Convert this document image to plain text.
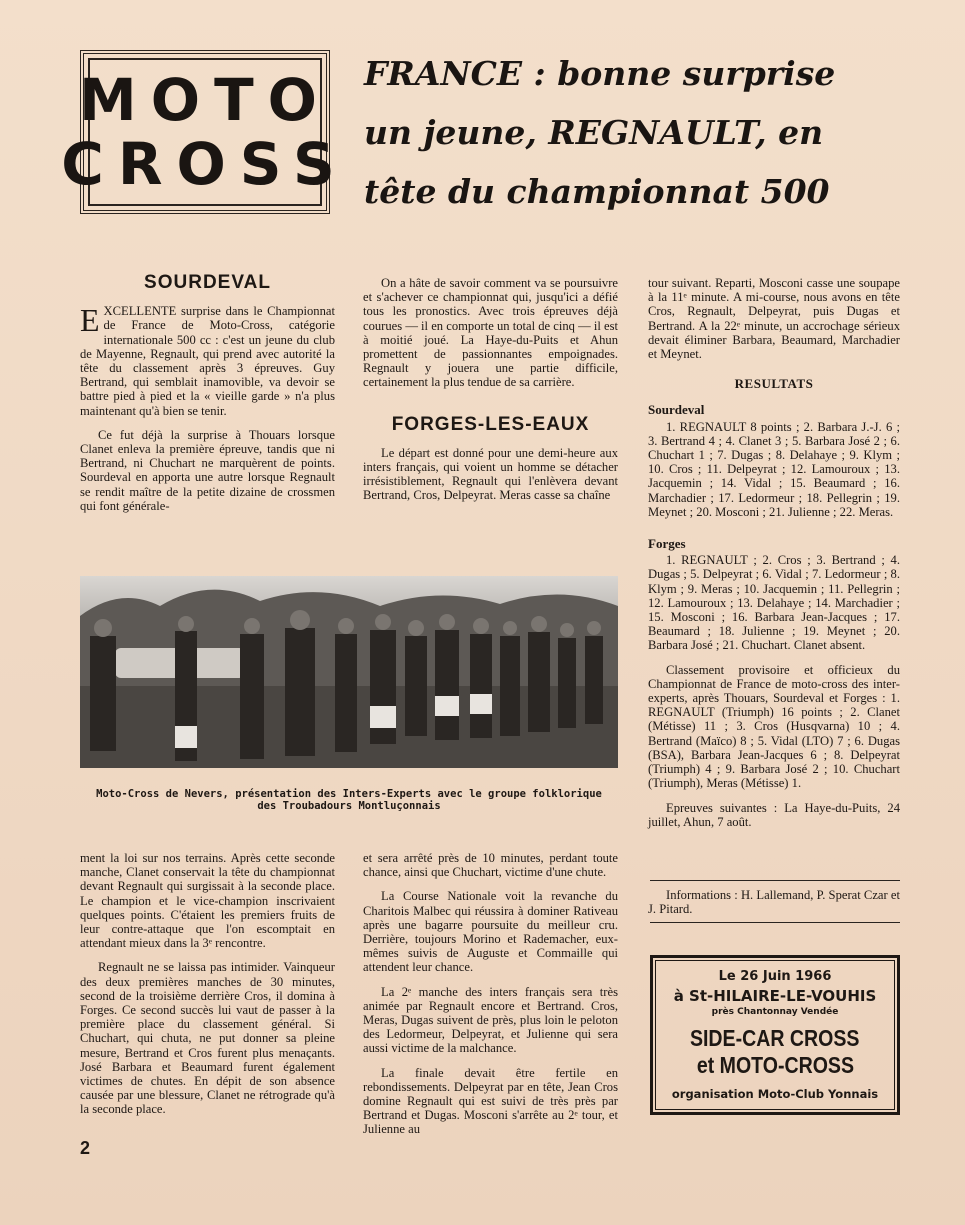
MOTO
CROSS
FRANCE : bonne surprise
un jeune, REGNAULT, en
tête du championnat 500
SOURDEVAL

EXCELLENTE surprise dans le Championnat de France de Moto-Cross, catégorie internationale 500 cc : c'est un jeune du club de Mayenne, Regnault, qui prend avec autorité la tête du classement après 3 épreuves. Guy Bertrand, qui semblait inamovible, va devoir se battre pied à pied et la « vieille garde » n'a plus maintenant qu'à bien se tenir.

Ce fut déjà la surprise à Thouars lorsque Clanet enleva la première épreuve, tandis que ni Bertrand, ni Chuchart ne marquèrent de points. Sourdeval en apporta une autre lorsque Regnault se rendit maître de la petite dizaine de crossmen qui font générale-

On a hâte de savoir comment va se poursuivre et s'achever ce championnat qui, jusqu'ici a défié tous les pronostics. Avec trois épreuves déjà courues — il en comporte un total de cinq — il est à moitié joué. La Haye-du-Puits et Ahun promettent de passionnantes empoignades. Regnault y jouera une partie difficile, certainement la plus tendue de sa carrière.

FORGES-LES-EAUX

Le départ est donné pour une demi-heure aux inters français, qui voient un homme se détacher irrésistiblement, Regnault qui l'enlèvera devant Bertrand, Cros, Delpeyrat. Meras casse sa chaîne

tour suivant. Reparti, Mosconi casse une soupape à la 11ᵉ minute. A mi-course, nous avons en tête Cros, Regnault, Delpeyrat, puis Dugas et Bertrand. A la 22ᵉ minute, un accrochage sérieux devait éliminer Barbara, Beaumard, Marchadier et Meynet.

RESULTATS
Sourdeval

1. REGNAULT 8 points ; 2. Barbara J.-J. 6 ; 3. Bertrand 4 ; 4. Clanet 3 ; 5. Barbara José 2 ; 6. Chuchart 1 ; 7. Dugas ; 8. Delahaye ; 9. Klym ; 10. Cros ; 11. Delpeyrat ; 12. Lamouroux ; 13. Jacquemin ; 14. Vidal ; 15. Beaumard ; 16. Marchadier ; 17. Ledormeur ; 18. Pellegrin ; 19. Meynet ; 20. Mosconi ; 21. Julienne ; 22. Meras.

Forges

1. REGNAULT ; 2. Cros ; 3. Bertrand ; 4. Dugas ; 5. Delpeyrat ; 6. Vidal ; 7. Ledormeur ; 8. Klym ; 9. Meras ; 10. Jacquemin ; 11. Pellegrin ; 12. Lamouroux ; 13. Delahaye ; 14. Marchadier ; 15. Mosconi ; 16. Barbara Jean-Jacques ; 17. Beaumard ; 18. Julienne ; 19. Meynet ; 20. Barbara José ; 21. Chuchart. Clanet absent.

Classement provisoire et officieux du Championnat de France de moto-cross des inter-experts, après Thouars, Sourdeval et Forges : 1. REGNAULT (Triumph) 16 points ; 2. Clanet (Métisse) 11 ; 3. Cros (Husqvarna) 10 ; 4. Bertrand (Maïco) 8 ; 5. Vidal (LTO) 7 ; 6. Dugas (BSA), Barbara Jean-Jacques 6 ; 8. Delpeyrat (Triumph) 4 ; 9. Barbara José 2 ; 10. Chuchart (Triumph), Meras (Métisse) 1.

Epreuves suivantes : La Haye-du-Puits, 24 juillet, Ahun, 7 août.

Informations : H. Lallemand, P. Sperat Czar et J. Pitard.

Moto-Cross de Nevers, présentation des Inters-Experts avec le groupe folklorique
des Troubadours Montluçonnais

ment la loi sur nos terrains. Après cette seconde manche, Clanet conservait la tête du championnat devant Regnault qui surgissait à la seconde place. Le champion et le vice-champion inscrivaient quelques points. C'étaient les premiers fruits de leur contre-attaque que l'on escomptait en attendant mieux dans la 3ᵉ rencontre.

Regnault ne se laissa pas intimider. Vainqueur des deux premières manches de 30 minutes, second de la troisième derrière Cros, il domina à Forges. Ce second succès lui vaut de passer à la première place du classement général. Si Chuchart, qui chuta, ne put donner sa pleine mesure, Bertrand et Cros furent plus menaçants. José Barbara et Beaumard furent également victimes de chutes. En dépit de son absence causée par une blessure, Clanet ne rétrograde qu'à la seconde place.

et sera arrêté près de 10 minutes, perdant toute chance, ainsi que Chuchart, victime d'une chute.

La Course Nationale voit la revanche du Charitois Malbec qui réussira à dominer Rativeau après une bagarre poursuite du meilleur cru. Derrière, toujours Morino et Rademacher, eux-mêmes suivis de Auguste et Commaille qui attendent leur chance.

La 2ᵉ manche des inters français sera très animée par Regnault encore et Bertrand. Cros, Meras, Dugas suivent de près, plus loin le peloton des Ledormeur, Delpeyrat, et Julienne qui sera aussi victime de la malchance.

La finale devait être fertile en rebondissements. Delpeyrat par en tête, Jean Cros domine Regnault qui est suivi de très près par Bertrand et Dugas. Mosconi s'arrête au 2ᵉ tour, et Julienne au

Le 26 Juin 1966
à St-HILAIRE-LE-VOUHIS
près Chantonnay Vendée
SIDE-CAR CROSS
et MOTO-CROSS
organisation Moto-Club Yonnais
2
